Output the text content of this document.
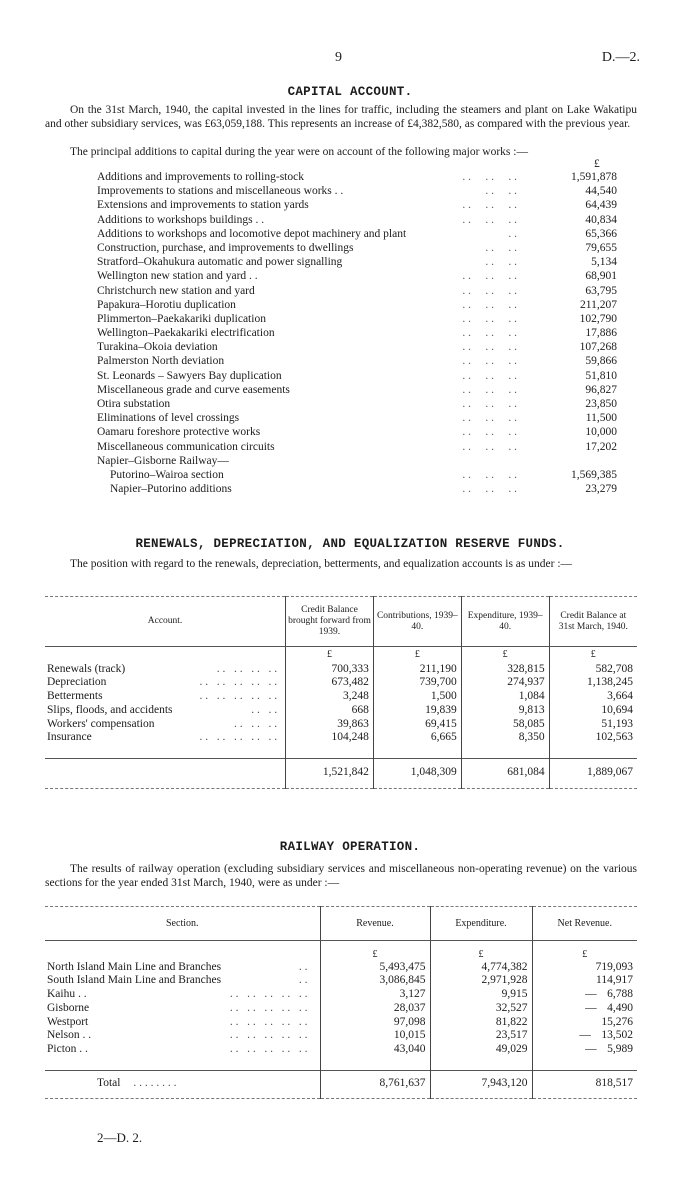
9	D.—2.
CAPITAL ACCOUNT.
On the 31st March, 1940, the capital invested in the lines for traffic, including the steamers and plant on Lake Wakatipu and other subsidiary services, was £63,059,188. This represents an increase of £4,382,580, as compared with the previous year.
The principal additions to capital during the year were on account of the following major works :—
£
Additions and improvements to rolling-stock	. .     . .     . .	1,591,878
Improvements to stations and miscellaneous works . .	. .     . .	44,540
Extensions and improvements to station yards	. .     . .     . .	64,439
Additions to workshops buildings . .	. .     . .     . .	40,834
Additions to workshops and locomotive depot machinery and plant	. .	65,366
Construction, purchase, and improvements to dwellings	. .     . .	79,655
Stratford–Okahukura automatic and power signalling	. .     . .	5,134
Wellington new station and yard . .	. .     . .     . .	68,901
Christchurch new station and yard	. .     . .     . .	63,795
Papakura–Horotiu duplication	. .     . .     . .	211,207
Plimmerton–Paekakariki duplication	. .     . .     . .	102,790
Wellington–Paekakariki electrification	. .     . .     . .	17,886
Turakina–Okoia deviation	. .     . .     . .	107,268
Palmerston North deviation	. .     . .     . .	59,866
St. Leonards – Sawyers Bay duplication	. .     . .     . .	51,810
Miscellaneous grade and curve easements	. .     . .     . .	96,827
Otira substation	. .     . .     . .	23,850
Eliminations of level crossings	. .     . .     . .	11,500
Oamaru foreshore protective works	. .     . .     . .	10,000
Miscellaneous communication circuits	. .     . .     . .	17,202
Napier–Gisborne Railway—
Putorino–Wairoa section	. .     . .     . .	1,569,385
Napier–Putorino additions	. .     . .     . .	23,279
RENEWALS, DEPRECIATION, AND EQUALIZATION RESERVE FUNDS.
The position with regard to the renewals, depreciation, betterments, and equalization accounts is as under :—
Account.	Credit Balance brought forward from 1939.	Contributions, 1939–40.	Expenditure, 1939–40.	Credit Balance at 31st March, 1940.
	£	£	£	£
Renewals (track) . .   . .   . .   . .	700,333	211,190	328,815	582,708
Depreciation . .   . .   . .   . .   . .	673,482	739,700	274,937	1,138,245
Betterments . .   . .   . .   . .   . .	3,248	1,500	1,084	3,664
Slips, floods, and accidents . .   . .	668	19,839	9,813	10,694
Workers' compensation . .   . .   . .	39,863	69,415	58,085	51,193
Insurance . .   . .   . .   . .   . .	104,248	6,665	8,350	102,563

	1,521,842	1,048,309	681,084	1,889,067
RAILWAY OPERATION.
The results of railway operation (excluding subsidiary services and miscellaneous non-operating revenue) on the various sections for the year ended 31st March, 1940, were as under :—
Section.	Revenue.	Expenditure.	Net Revenue.
	£	£	£
North Island Main Line and Branches . .	5,493,475	4,774,382	719,093
South Island Main Line and Branches . .	3,086,845	2,971,928	114,917
Kaihu . . . .   . .   . .   . .   . .	3,127	9,915	— 6,788
Gisborne . .   . .   . .   . .   . .	28,037	32,527	— 4,490
Westport . .   . .   . .   . .   . .	97,098	81,822	15,276
Nelson . . . .   . .   . .   . .   . .	10,015	23,517	— 13,502
Picton . . . .   . .   . .   . .   . .	43,040	49,029	— 5,989

Total . . . . . . . .	8,761,637	7,943,120	818,517
2—D. 2.
